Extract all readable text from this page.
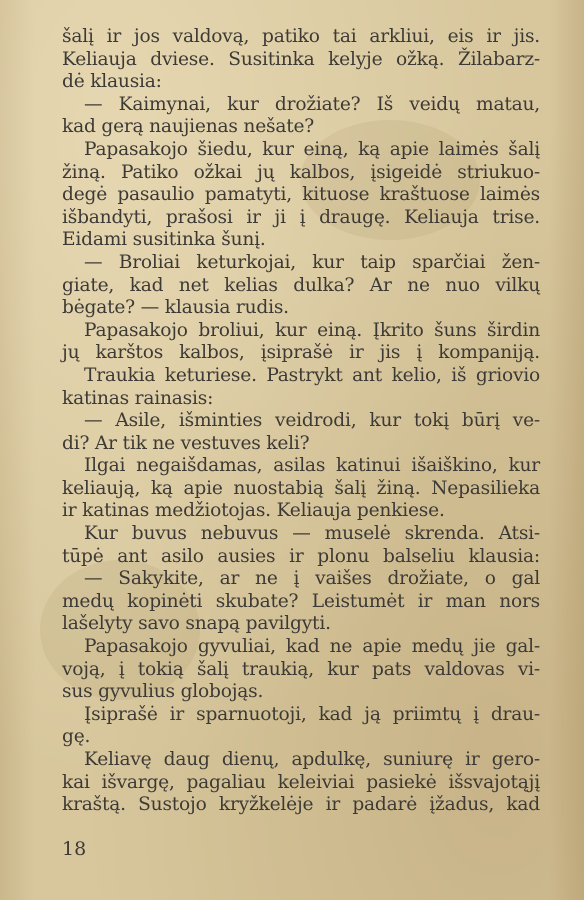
šalį ir jos valdovą, patiko tai arkliui, eis ir jis.
Keliauja dviese. Susitinka kelyje ožką. Žilabarz-
dė klausia:
— Kaimynai, kur drožiate? Iš veidų matau,
kad gerą naujienas nešate?
Papasakojo šiedu, kur einą, ką apie laimės šalį
žiną. Patiko ožkai jų kalbos, įsigeidė striukuo-
degė pasaulio pamatyti, kituose kraštuose laimės
išbandyti, prašosi ir ji į draugę. Keliauja trise.
Eidami susitinka šunį.
— Broliai keturkojai, kur taip sparčiai žen-
giate, kad net kelias dulka? Ar ne nuo vilkų
bėgate? — klausia rudis.
Papasakojo broliui, kur einą. Įkrito šuns širdin
jų karštos kalbos, įsiprašė ir jis į kompaniją.
Traukia keturiese. Pastrykt ant kelio, iš griovio
katinas rainasis:
— Asile, išminties veidrodi, kur tokį būrį ve-
di? Ar tik ne vestuves keli?
Ilgai negaišdamas, asilas katinui išaiškino, kur
keliaują, ką apie nuostabią šalį žiną. Nepasilieka
ir katinas medžiotojas. Keliauja penkiese.
Kur buvus nebuvus — muselė skrenda. Atsi-
tūpė ant asilo ausies ir plonu balseliu klausia:
— Sakykite, ar ne į vaišes drožiate, o gal
medų kopinėti skubate? Leistumėt ir man nors
lašelyty savo snapą pavilgyti.
Papasakojo gyvuliai, kad ne apie medų jie gal-
voją, į tokią šalį traukią, kur pats valdovas vi-
sus gyvulius globojąs.
Įsiprašė ir sparnuotoji, kad ją priimtų į drau-
gę.
Keliavę daug dienų, apdulkę, suniurę ir gero-
kai išvargę, pagaliau keleiviai pasiekė išsvajotąjį
kraštą. Sustojo kryžkelėje ir padarė įžadus, kad
18
